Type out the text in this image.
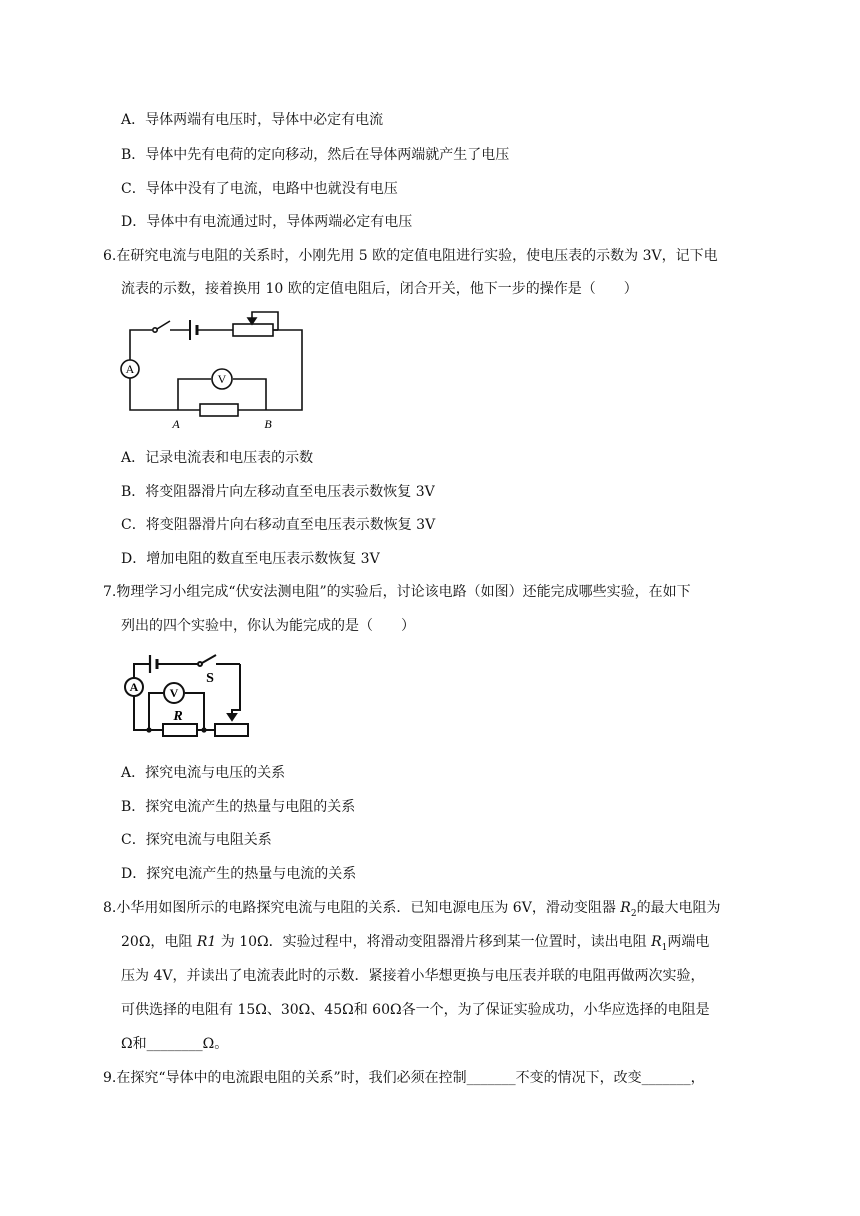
A．导体两端有电压时，导体中必定有电流
B．导体中先有电荷的定向移动，然后在导体两端就产生了电压
C．导体中没有了电流，电路中也就没有电压
D．导体中有电流通过时，导体两端必定有电压
6.在研究电流与电阻的关系时，小刚先用 5 欧的定值电阻进行实验，使电压表的示数为 3V，记下电
流表的示数，接着换用 10 欧的定值电阻后，闭合开关，他下一步的操作是（　　）
A
V
A	B
A．记录电流表和电压表的示数
B．将变阻器滑片向左移动直至电压表示数恢复 3V
C．将变阻器滑片向右移动直至电压表示数恢复 3V
D．增加电阻的数直至电压表示数恢复 3V
7.物理学习小组完成“伏安法测电阻”的实验后，讨论该电路（如图）还能完成哪些实验，在如下
列出的四个实验中，你认为能完成的是（　　）
A	V
S
R
A．探究电流与电压的关系
B．探究电流产生的热量与电阻的关系
C．探究电流与电阻关系
D．探究电流产生的热量与电流的关系
8.小华用如图所示的电路探究电流与电阻的关系．已知电源电压为 6V，滑动变阻器 $R_2$的最大电阻为
20Ω，电阻 R1 为 10Ω．实验过程中，将滑动变阻器滑片移到某一位置时，读出电阻 $R_1$两端电
压为 4V，并读出了电流表此时的示数．紧接着小华想更换与电压表并联的电阻再做两次实验，
可供选择的电阻有 15Ω、30Ω、45Ω和 60Ω各一个，为了保证实验成功，小华应选择的电阻是
Ω和________Ω。
9.在探究“导体中的电流跟电阻的关系”时，我们必须在控制_______不变的情况下，改变_______，
